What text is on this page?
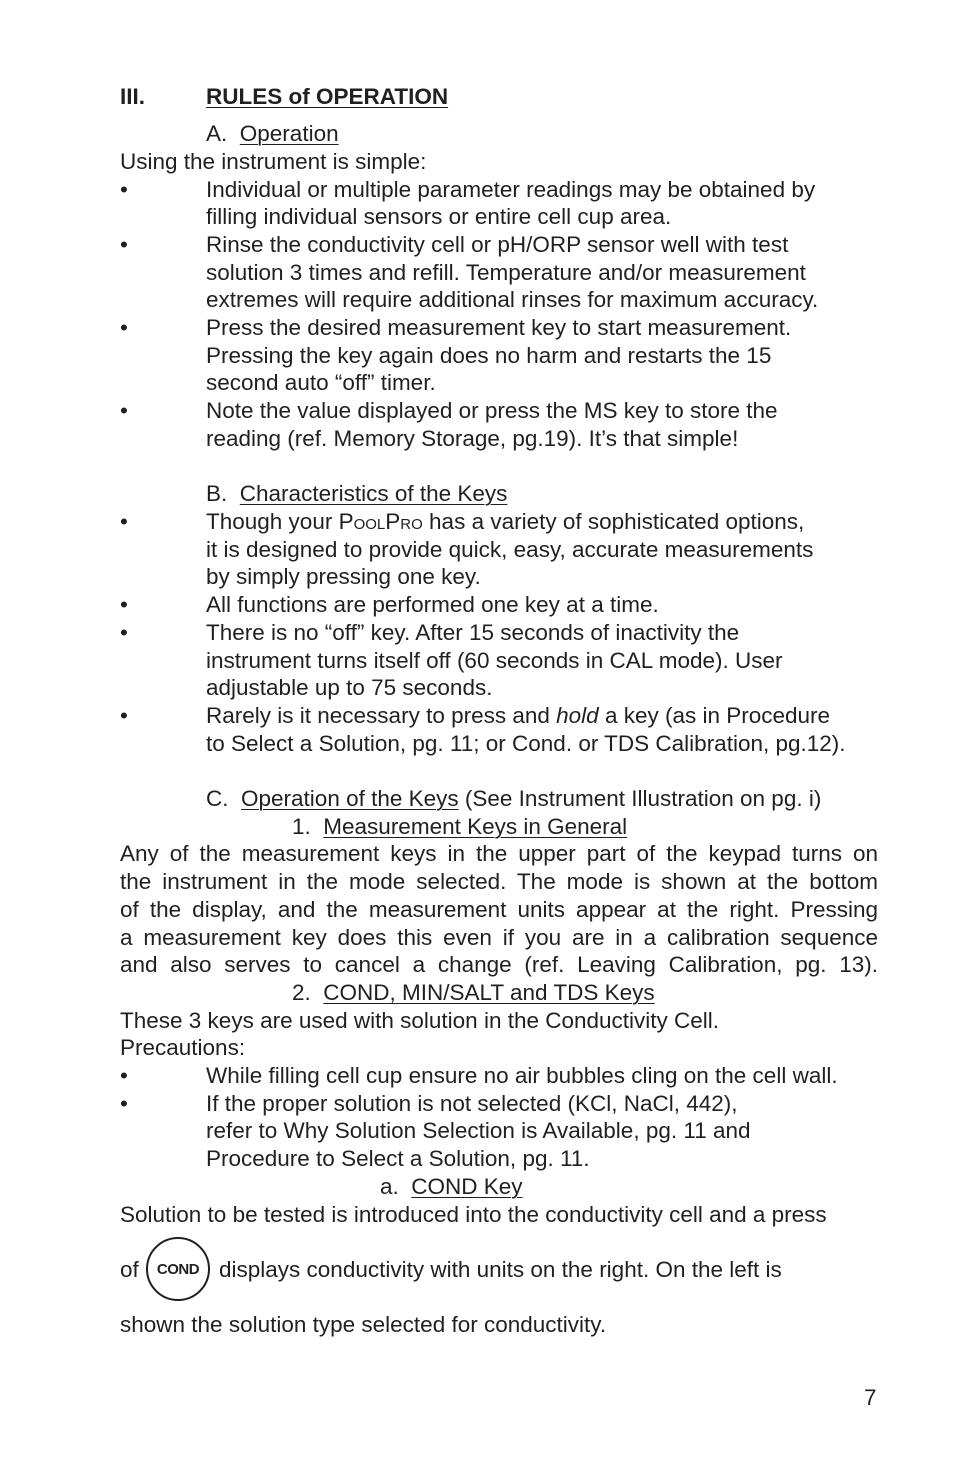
III.	RULES of OPERATION
A. Operation
Using the instrument is simple:
•	Individual or multiple parameter readings may be obtained by
filling individual sensors or entire cell cup area.
•	Rinse the conductivity cell or pH/ORP sensor well with test
solution 3 times and refill. Temperature and/or measurement
extremes will require additional rinses for maximum accuracy.
•	Press the desired measurement key to start measurement.
Pressing the key again does no harm and restarts the 15
second auto “off” timer.
•	Note the value displayed or press the MS key to store the
reading (ref. Memory Storage, pg.19). It’s that simple!
B. Characteristics of the Keys
•	Though your POOLPRO has a variety of sophisticated options,
it is designed to provide quick, easy, accurate measurements
by simply pressing one key.
•	All functions are performed one key at a time.
•	There is no “off” key. After 15 seconds of inactivity the
instrument turns itself off (60 seconds in CAL mode). User
adjustable up to 75 seconds.
•	Rarely is it necessary to press and hold a key (as in Procedure
to Select a Solution, pg. 11; or Cond. or TDS Calibration, pg.12).
C. Operation of the Keys (See Instrument Illustration on pg. i)
1. Measurement Keys in General
Any of the measurement keys in the upper part of the keypad turns on
the instrument in the mode selected. The mode is shown at the bottom
of the display, and the measurement units appear at the right. Pressing
a measurement key does this even if you are in a calibration sequence
and also serves to cancel a change (ref. Leaving Calibration, pg. 13).
2. COND, MIN/SALT and TDS Keys
These 3 keys are used with solution in the Conductivity Cell.
Precautions:
•	While filling cell cup ensure no air bubbles cling on the cell wall.
•	If the proper solution is not selected (KCl, NaCl, 442),
refer to Why Solution Selection is Available, pg. 11 and
Procedure to Select a Solution, pg. 11.
a. COND Key
Solution to be tested is introduced into the conductivity cell and a press
of	COND displays conductivity with units on the right. On the left is
shown the solution type selected for conductivity.
7
